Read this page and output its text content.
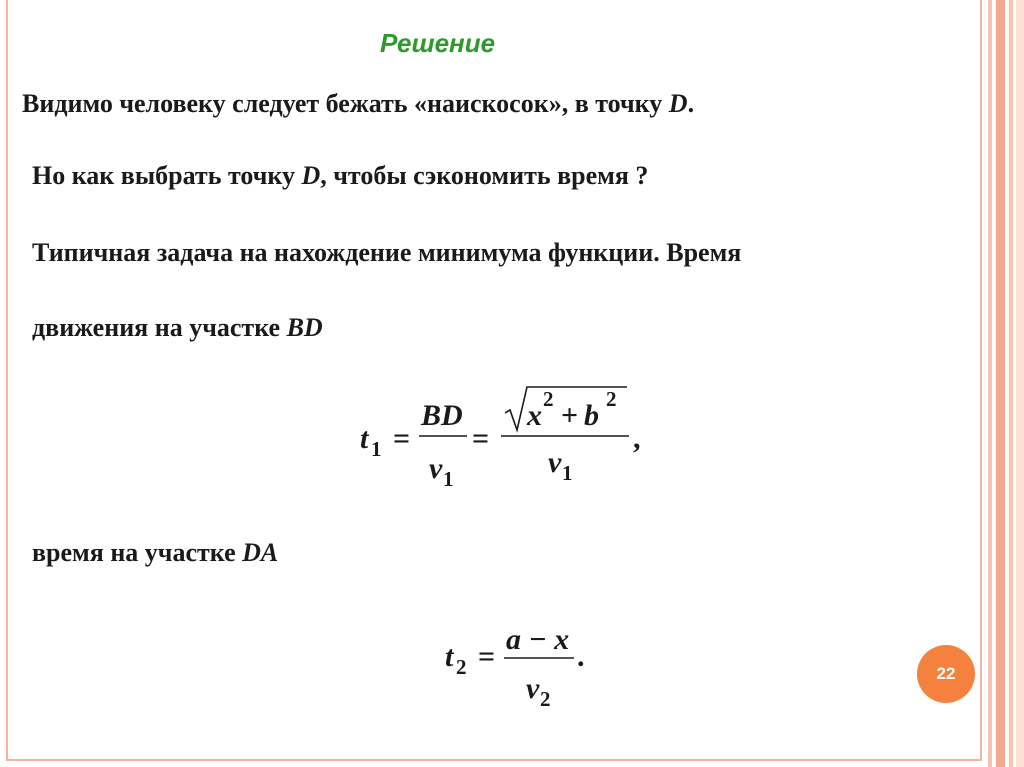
Решение
Видимо человеку следует бежать «наискосок», в точку D.
Но как выбрать точку D, чтобы сэкономить время ?
Типичная задача на нахождение минимума функции. Время
движения на участке BD
t 1 =
BD
v 1
=
x 2 + b 2
v 1
,
время на участке DA
t 2 =
a − x
v 2
.
22
